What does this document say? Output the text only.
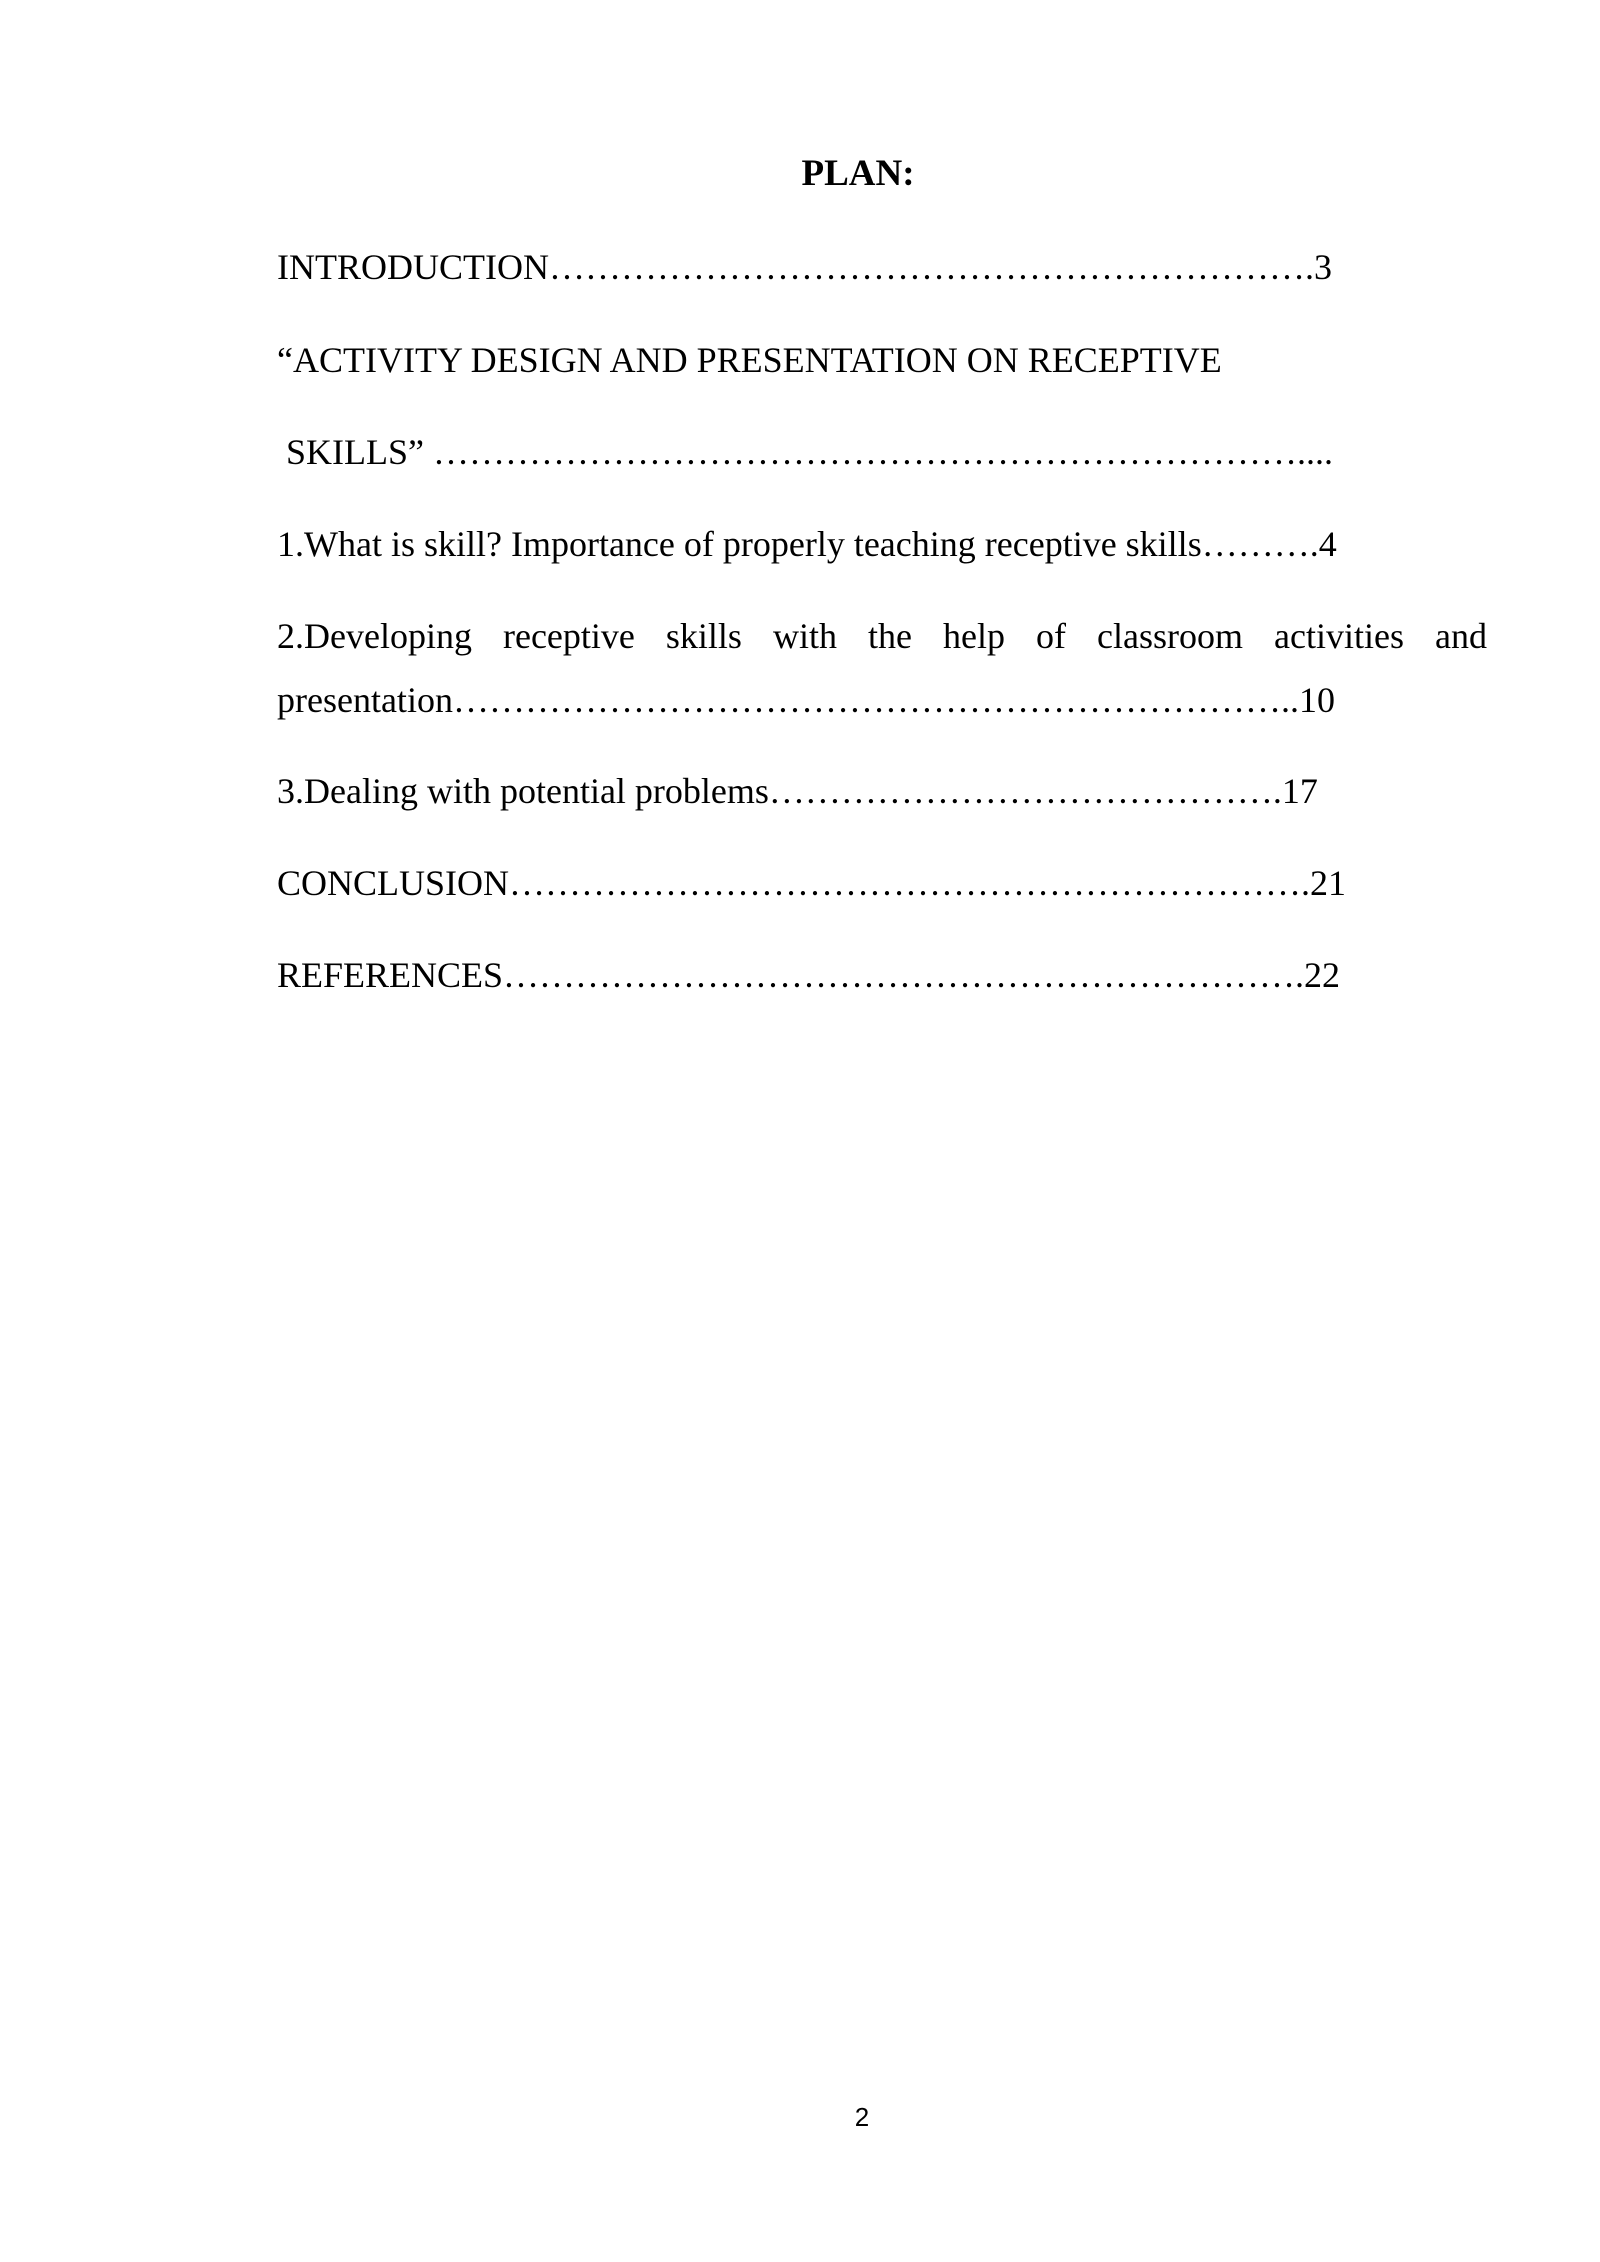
PLAN:
INTRODUCTION……………………………………………………….3
“ACTIVITY DESIGN AND PRESENTATION ON RECEPTIVE
SKILLS” ………………………………………………………………....
1.What is skill? Importance of properly teaching receptive skills……….4
2.Developing receptive skills with the help of classroom activities and
presentation……………………………………………………………..10
3.Dealing with potential problems…………………………………….17
CONCLUSION………………………………………………………….21
REFERENCES………………………………………………………….22
2
